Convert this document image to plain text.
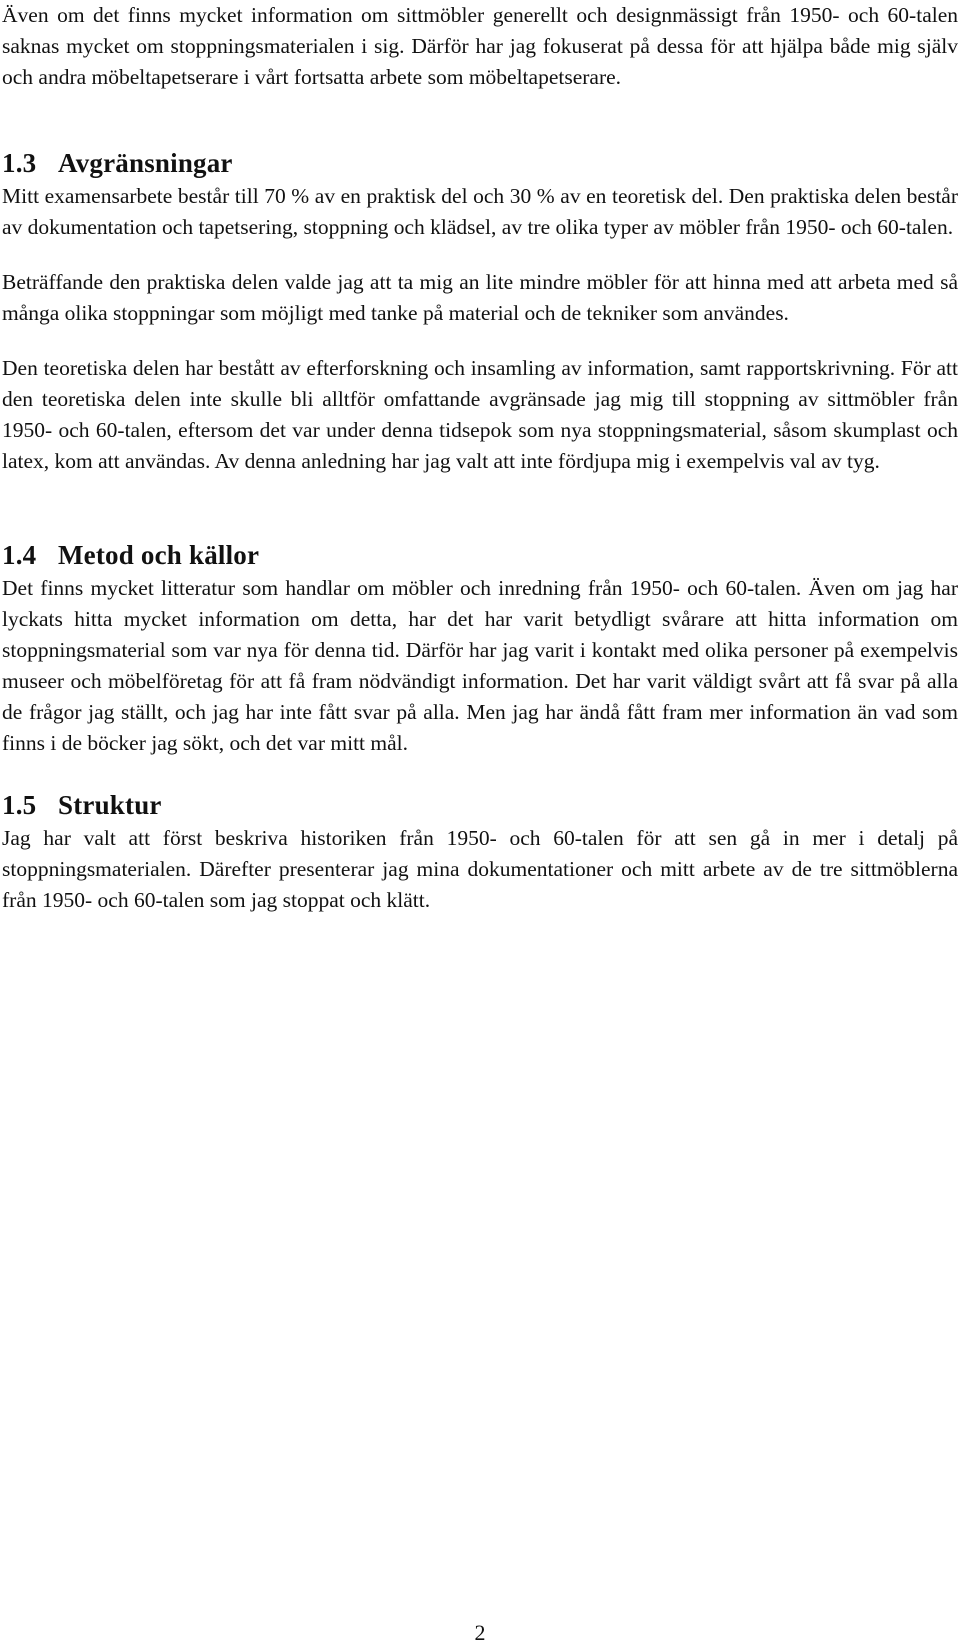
Även om det finns mycket information om sittmöbler generellt och designmässigt från 1950- och 60-talen saknas mycket om stoppningsmaterialen i sig. Därför har jag fokuserat på dessa för att hjälpa både mig själv och andra möbeltapetserare i vårt fortsatta arbete som möbeltapetserare.

1.3 Avgränsningar

Mitt examensarbete består till 70 % av en praktisk del och 30 % av en teoretisk del. Den praktiska delen består av dokumentation och tapetsering, stoppning och klädsel, av tre olika typer av möbler från 1950- och 60-talen.

Beträffande den praktiska delen valde jag att ta mig an lite mindre möbler för att hinna med att arbeta med så många olika stoppningar som möjligt med tanke på material och de tekniker som användes.

Den teoretiska delen har bestått av efterforskning och insamling av information, samt rapportskrivning. För att den teoretiska delen inte skulle bli alltför omfattande avgränsade jag mig till stoppning av sittmöbler från 1950- och 60-talen, eftersom det var under denna tidsepok som nya stoppningsmaterial, såsom skumplast och latex, kom att användas. Av denna anledning har jag valt att inte fördjupa mig i exempelvis val av tyg.

1.4 Metod och källor

Det finns mycket litteratur som handlar om möbler och inredning från 1950- och 60-talen. Även om jag har lyckats hitta mycket information om detta, har det har varit betydligt svårare att hitta information om stoppningsmaterial som var nya för denna tid. Därför har jag varit i kontakt med olika personer på exempelvis museer och möbelföretag för att få fram nödvändigt information. Det har varit väldigt svårt att få svar på alla de frågor jag ställt, och jag har inte fått svar på alla. Men jag har ändå fått fram mer information än vad som finns i de böcker jag sökt, och det var mitt mål.

1.5 Struktur

Jag har valt att först beskriva historiken från 1950- och 60-talen för att sen gå in mer i detalj på stoppningsmaterialen. Därefter presenterar jag mina dokumentationer och mitt arbete av de tre sittmöblerna från 1950- och 60-talen som jag stoppat och klätt.

2
